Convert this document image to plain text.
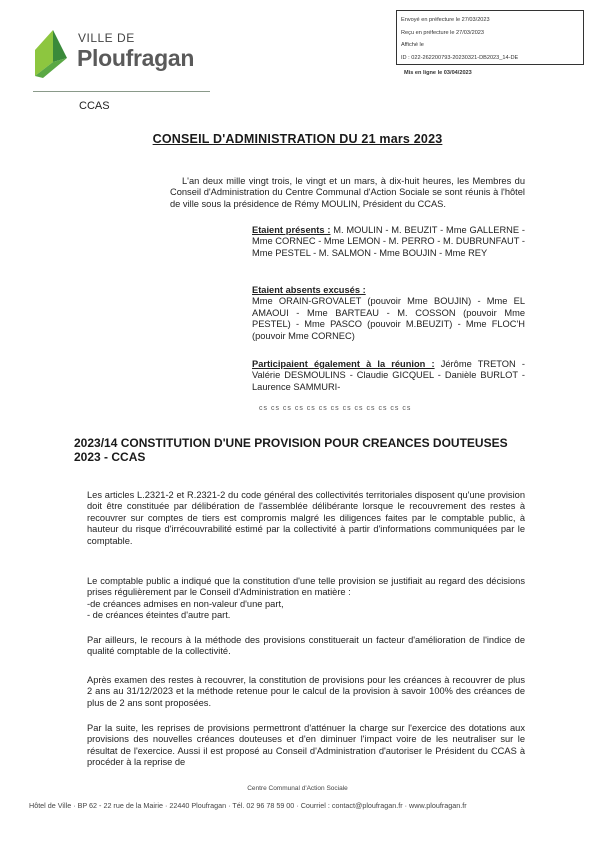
VILLE DE
Ploufragan
CCAS
Envoyé en préfecture le 27/03/2023
Reçu en préfecture le 27/03/2023
Affiché le
ID : 022-262200793-20230321-DB2023_14-DE
Mis en ligne le 03/04/2023
CONSEIL D'ADMINISTRATION DU 21 mars 2023
L'an deux mille vingt trois, le vingt et un mars, à dix-huit heures, les Membres du Conseil d'Administration du Centre Communal d'Action Sociale se sont réunis à l'hôtel de ville sous la présidence de Rémy MOULIN, Président du CCAS.
Etaient présents : M. MOULIN - M. BEUZIT - Mme GALLERNE - Mme CORNEC - Mme LEMON - M. PERRO - M. DUBRUNFAUT - Mme PESTEL - M. SALMON - Mme BOUJIN - Mme REY
Etaient absents excusés :
Mme ORAIN-GROVALET (pouvoir Mme BOUJIN) - Mme EL AMAOUI - Mme BARTEAU - M. COSSON (pouvoir Mme PESTEL) - Mme PASCO (pouvoir M.BEUZIT) - Mme FLOC'H (pouvoir Mme CORNEC)
Participaient également à la réunion : Jérôme TRETON - Valérie DESMOULINS - Claudie GICQUEL - Danièle BURLOT - Laurence SAMMURI-
cs cs cs cs cs cs cs cs cs cs cs cs cs
2023/14 CONSTITUTION D'UNE PROVISION POUR CREANCES DOUTEUSES 2023 - CCAS
Les articles L.2321-2 et R.2321-2 du code général des collectivités territoriales disposent qu'une provision doit être constituée par délibération de l'assemblée délibérante lorsque le recouvrement des restes à recouvrer sur comptes de tiers est compromis malgré les diligences faites par le comptable public, à hauteur du risque d'irrécouvrabilité estimé par la collectivité à partir d'informations communiquées par le comptable.
Le comptable public a indiqué que la constitution d'une telle provision se justifiait au regard des décisions prises régulièrement par le Conseil d'Administration en matière :
-de créances admises en non-valeur d'une part,
- de créances éteintes d'autre part.
Par ailleurs, le recours à la méthode des provisions constituerait un facteur d'amélioration de l'indice de qualité comptable de la collectivité.
Après examen des restes à recouvrer, la constitution de provisions pour les créances à recouvrer de plus 2 ans au 31/12/2023 et la méthode retenue pour le calcul de la provision à savoir 100% des créances de plus de 2 ans sont proposées.
Par la suite, les reprises de provisions permettront d'atténuer la charge sur l'exercice des dotations aux provisions des nouvelles créances douteuses et d'en diminuer l'impact voire de les neutraliser sur le résultat de l'exercice. Aussi il est proposé au Conseil d'Administration d'autoriser le Président du CCAS à procéder à la reprise de
Centre Communal d'Action Sociale
Hôtel de Ville · BP 62 - 22 rue de la Mairie · 22440 Ploufragan · Tél. 02 96 78 59 00 · Courriel : contact@ploufragan.fr · www.ploufragan.fr
